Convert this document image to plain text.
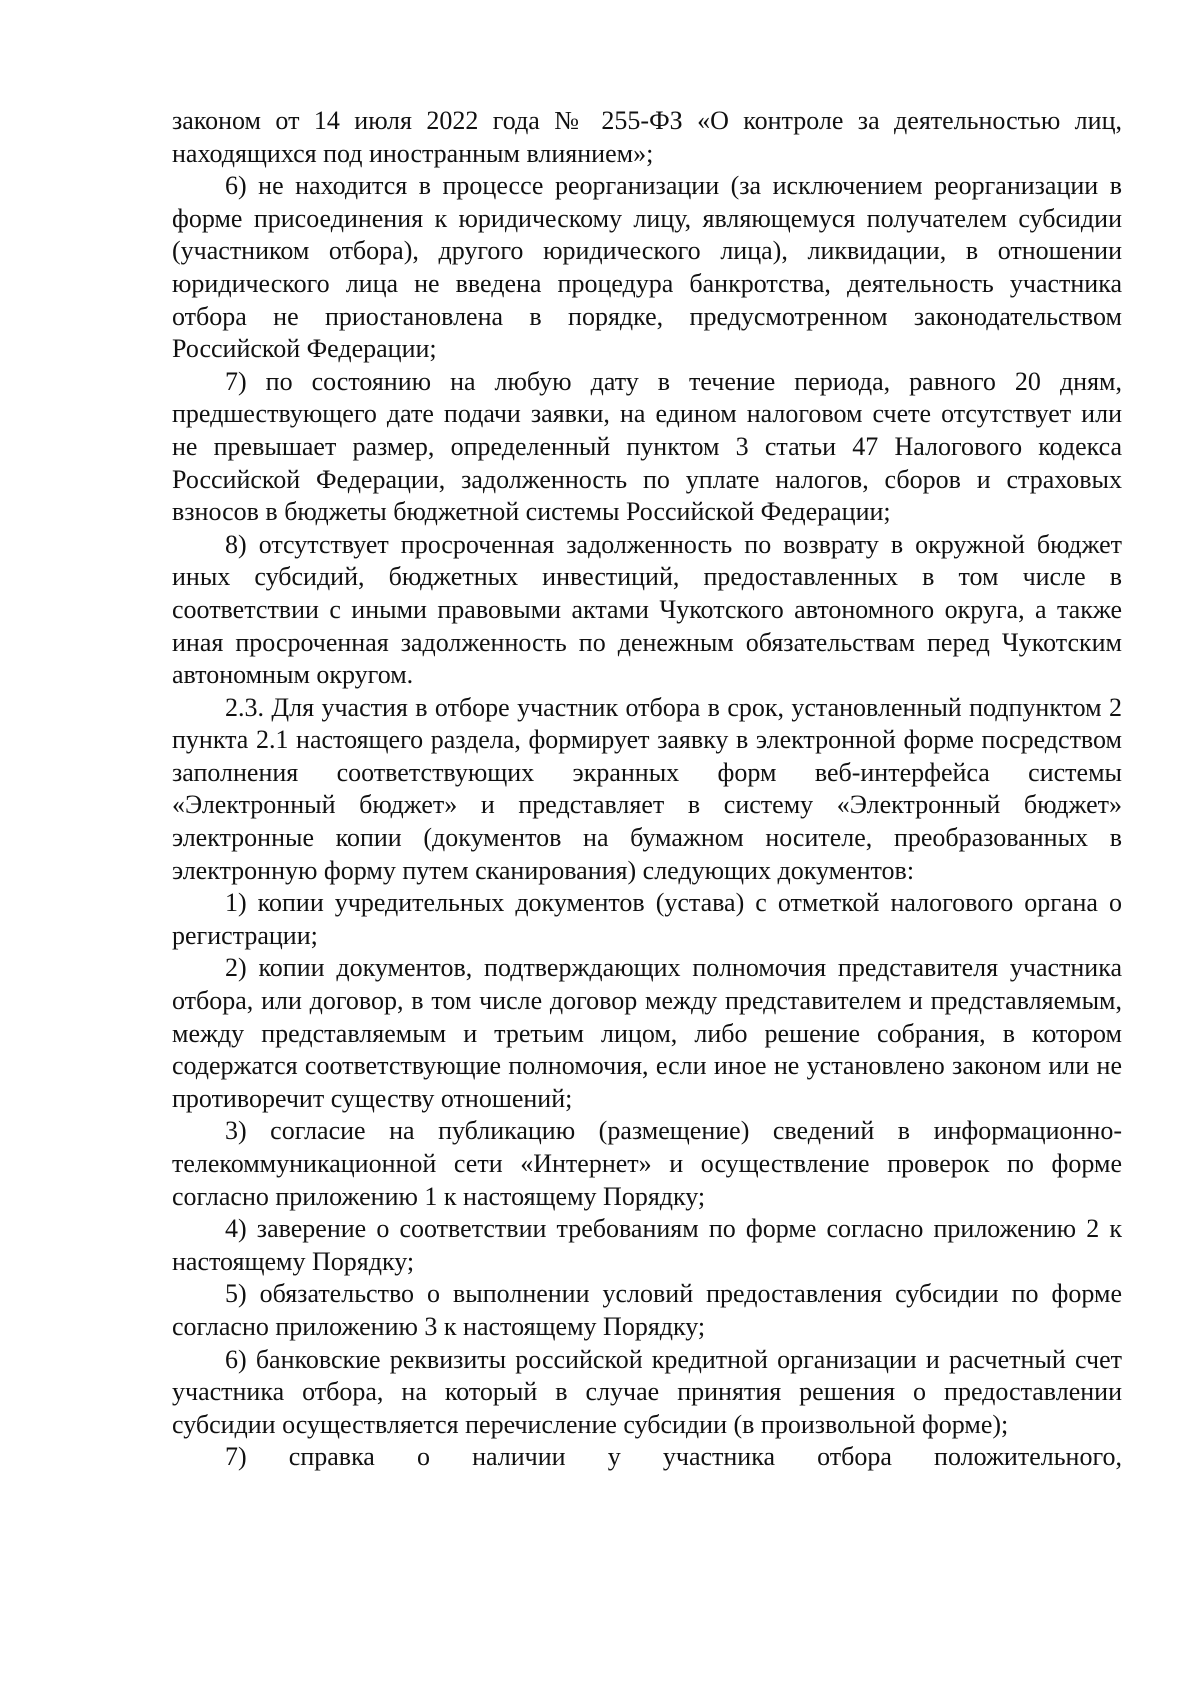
законом от 14 июля 2022 года № 255-ФЗ «О контроле за деятельностью лиц, находящихся под иностранным влиянием»;

6) не находится в процессе реорганизации (за исключением реорганизации в форме присоединения к юридическому лицу, являющемуся получателем субсидии (участником отбора), другого юридического лица), ликвидации, в отношении юридического лица не введена процедура банкротства, деятельность участника отбора не приостановлена в порядке, предусмотренном законодательством Российской Федерации;

7) по состоянию на любую дату в течение периода, равного 20 дням, предшествующего дате подачи заявки, на едином налоговом счете отсутствует или не превышает размер, определенный пунктом 3 статьи 47 Налогового кодекса Российской Федерации, задолженность по уплате налогов, сборов и страховых взносов в бюджеты бюджетной системы Российской Федерации;

8) отсутствует просроченная задолженность по возврату в окружной бюджет иных субсидий, бюджетных инвестиций, предоставленных в том числе в соответствии с иными правовыми актами Чукотского автономного округа, а также иная просроченная задолженность по денежным обязательствам перед Чукотским автономным округом.

2.3. Для участия в отборе участник отбора в срок, установленный подпунктом 2 пункта 2.1 настоящего раздела, формирует заявку в электронной форме посредством заполнения соответствующих экранных форм веб-интерфейса системы «Электронный бюджет» и представляет в систему «Электронный бюджет» электронные копии (документов на бумажном носителе, преобразованных в электронную форму путем сканирования) следующих документов:

1) копии учредительных документов (устава) с отметкой налогового органа о регистрации;

2) копии документов, подтверждающих полномочия представителя участника отбора, или договор, в том числе договор между представителем и представляемым, между представляемым и третьим лицом, либо решение собрания, в котором содержатся соответствующие полномочия, если иное не установлено законом или не противоречит существу отношений;

3) согласие на публикацию (размещение) сведений в информационно-телекоммуникационной сети «Интернет» и осуществление проверок по форме согласно приложению 1 к настоящему Порядку;

4) заверение о соответствии требованиям по форме согласно приложению 2 к настоящему Порядку;

5) обязательство о выполнении условий предоставления субсидии по форме согласно приложению 3 к настоящему Порядку;

6) банковские реквизиты российской кредитной организации и расчетный счет участника отбора, на который в случае принятия решения о предоставлении субсидии осуществляется перечисление субсидии (в произвольной форме);

7) справка о наличии у участника отбора положительного,
